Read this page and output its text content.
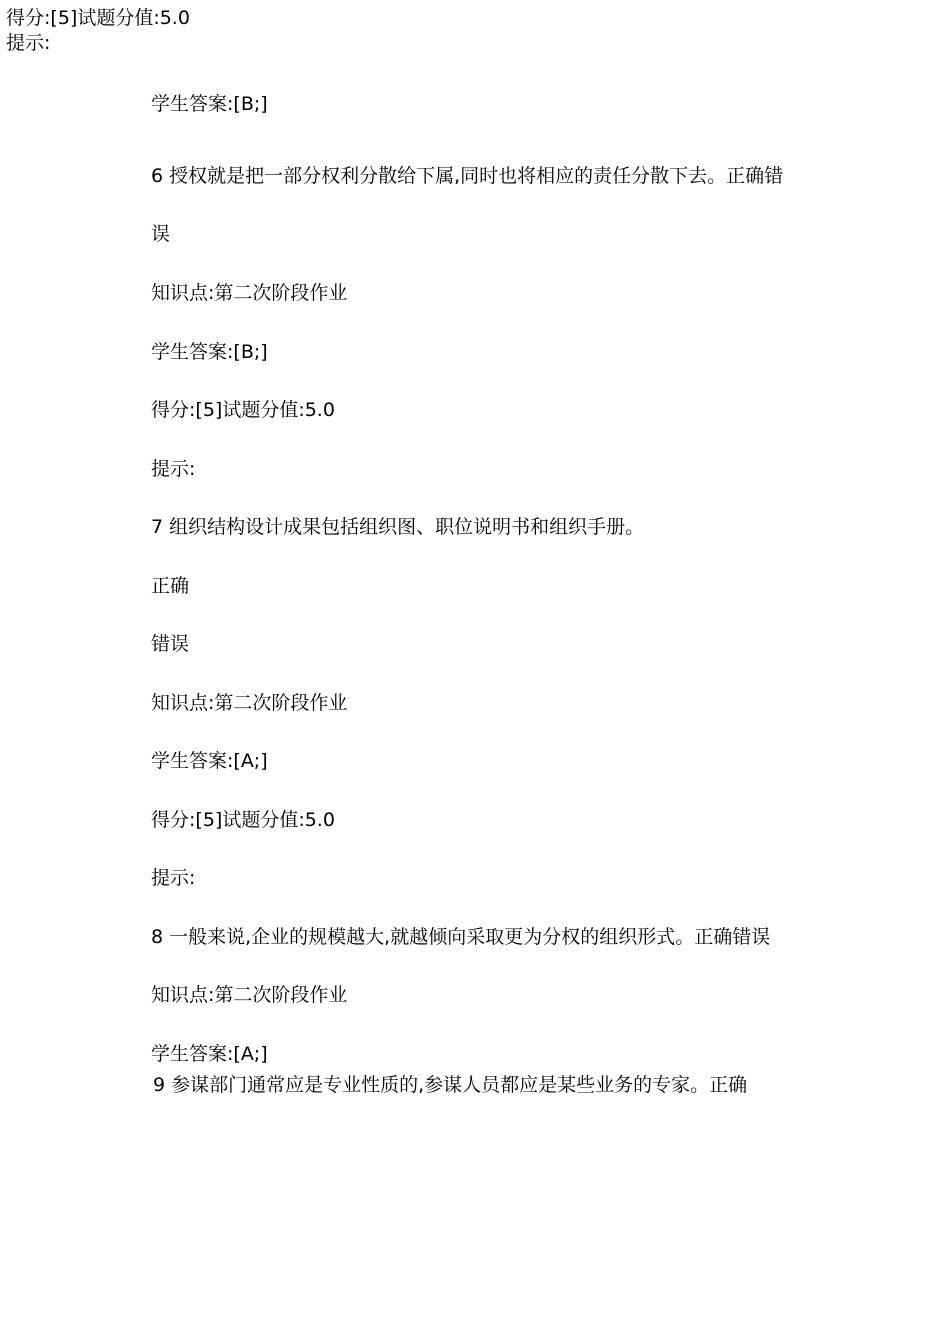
得分:[5]试题分值:5.0

提示:

学生答案:[B;]

6 授权就是把一部分权利分散给下属,同时也将相应的责任分散下去。正确错

误

知识点:第二次阶段作业

学生答案:[B;]

得分:[5]试题分值:5.0

提示:

7 组织结构设计成果包括组织图、职位说明书和组织手册。

正确

错误

知识点:第二次阶段作业

学生答案:[A;]

得分:[5]试题分值:5.0

提示:

8 一般来说,企业的规模越大,就越倾向采取更为分权的组织形式。正确错误

知识点:第二次阶段作业

学生答案:[A;]

9 参谋部门通常应是专业性质的,参谋人员都应是某些业务的专家。正确
